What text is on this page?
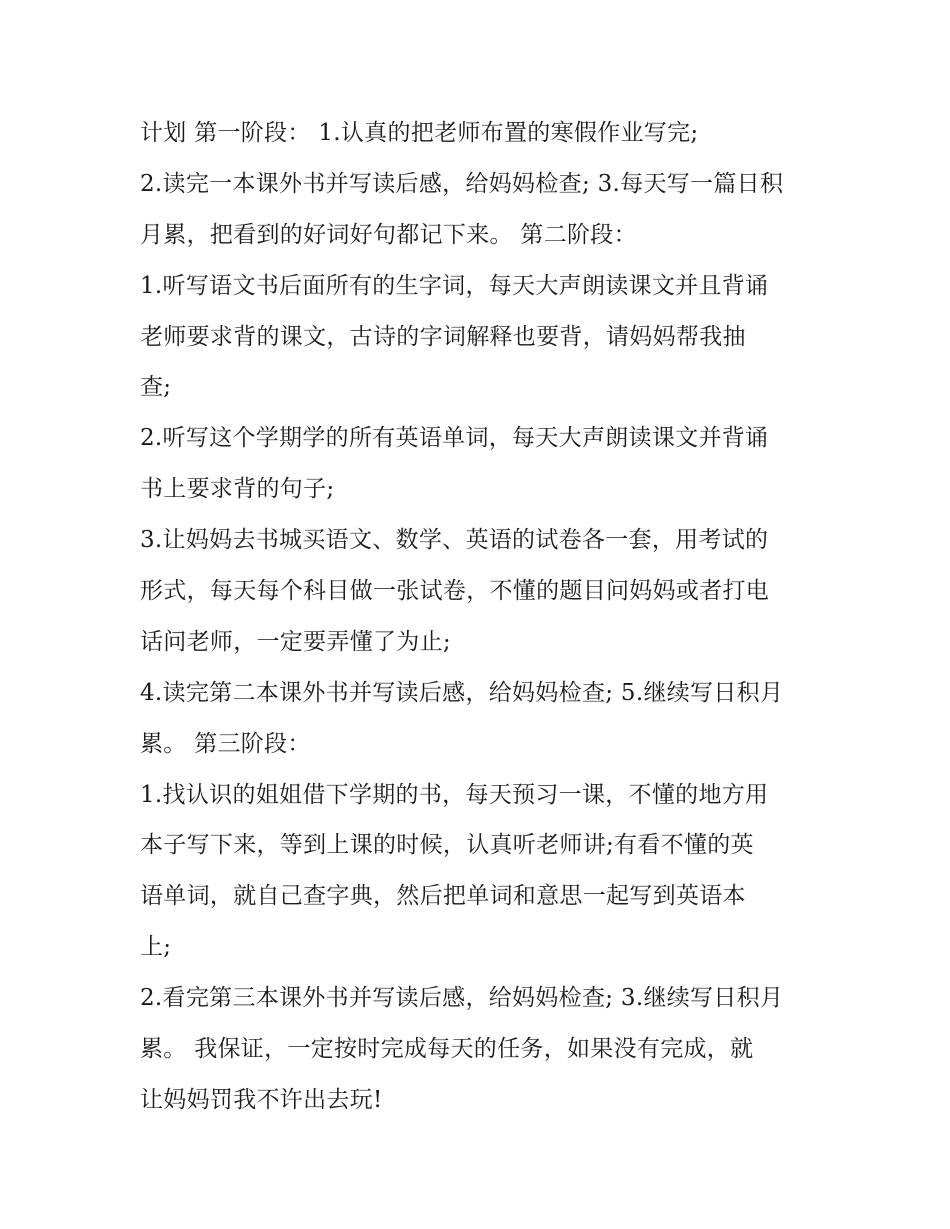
计划 第一阶段： 1.认真的把老师布置的寒假作业写完;
2.读完一本课外书并写读后感，给妈妈检查; 3.每天写一篇日积
月累，把看到的好词好句都记下来。 第二阶段：
1.听写语文书后面所有的生字词，每天大声朗读课文并且背诵
老师要求背的课文，古诗的字词解释也要背，请妈妈帮我抽
查;
2.听写这个学期学的所有英语单词，每天大声朗读课文并背诵
书上要求背的句子;
3.让妈妈去书城买语文、数学、英语的试卷各一套，用考试的
形式，每天每个科目做一张试卷，不懂的题目问妈妈或者打电
话问老师，一定要弄懂了为止;
4.读完第二本课外书并写读后感，给妈妈检查; 5.继续写日积月
累。 第三阶段：
1.找认识的姐姐借下学期的书，每天预习一课，不懂的地方用
本子写下来，等到上课的时候，认真听老师讲;有看不懂的英
语单词，就自己查字典，然后把单词和意思一起写到英语本
上;
2.看完第三本课外书并写读后感，给妈妈检查; 3.继续写日积月
累。 我保证，一定按时完成每天的任务，如果没有完成，就
让妈妈罚我不许出去玩!
